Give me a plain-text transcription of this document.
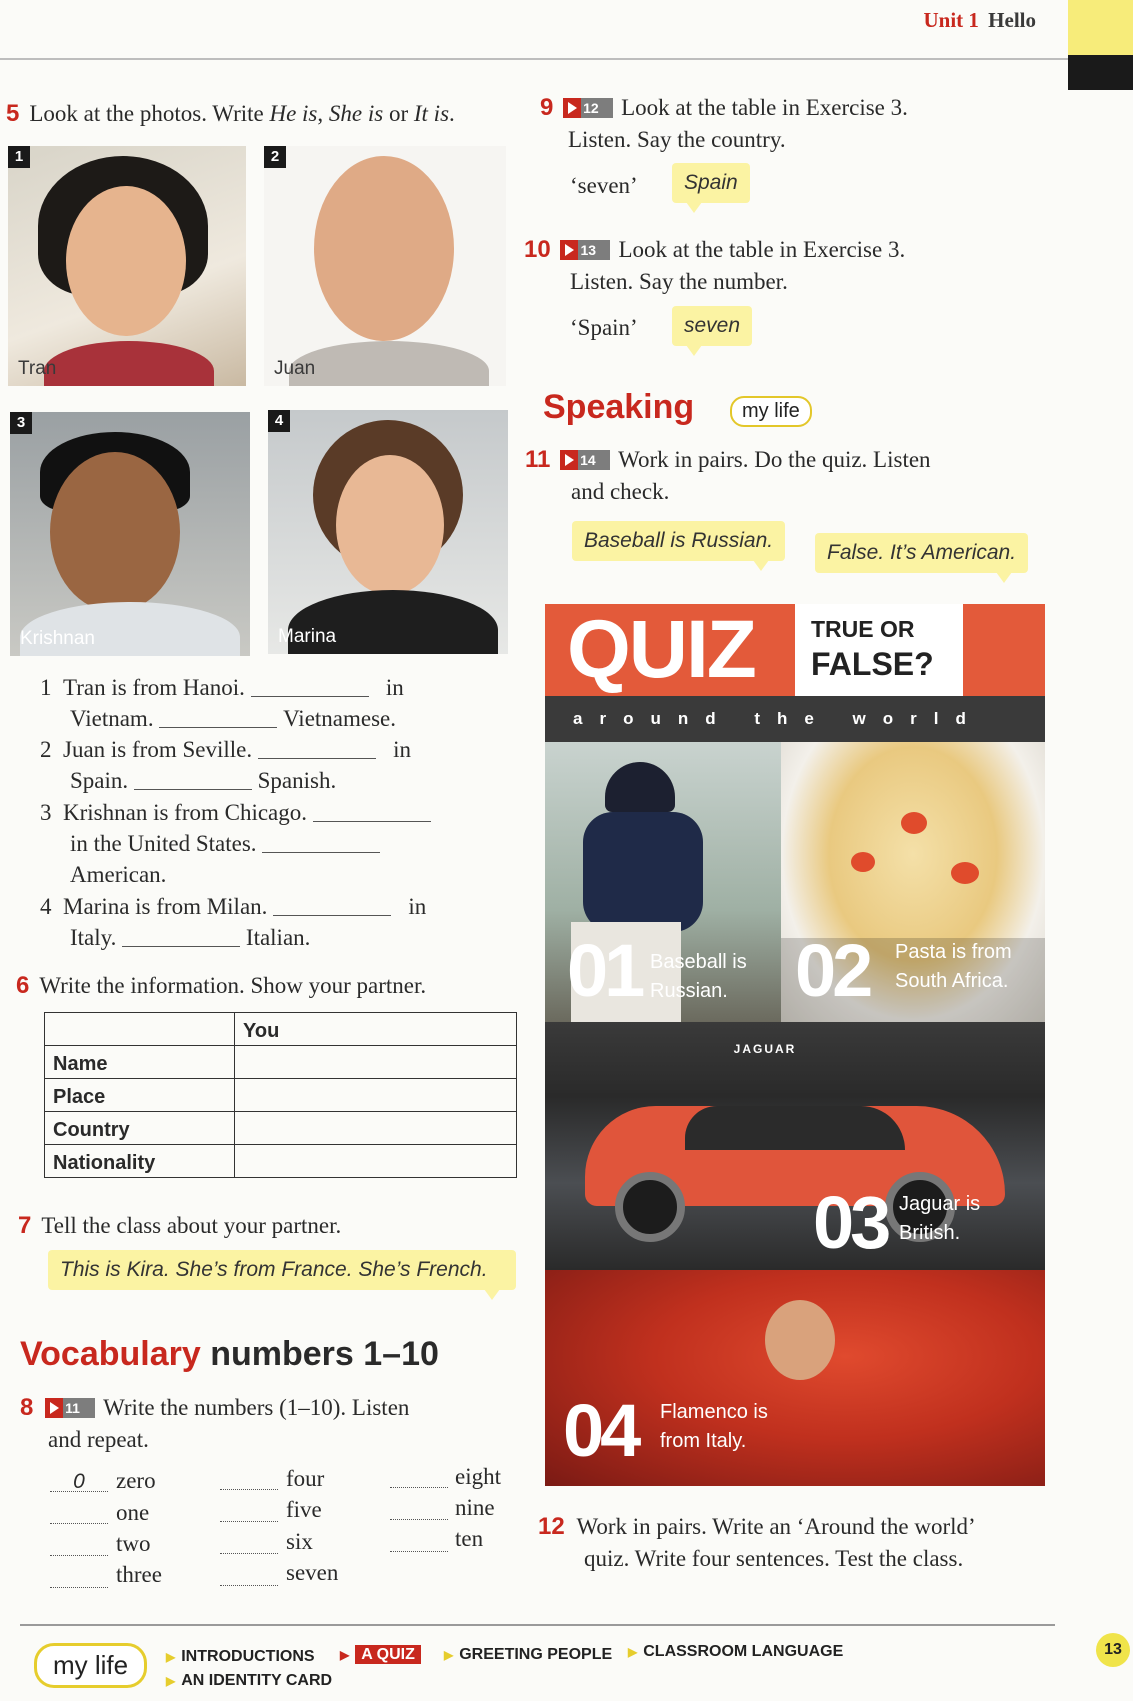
Unit 1 Hello
5 Look at the photos. Write He is, She is or It is.
1
Tran
2
Juan
3
Krishnan
4
Marina
1 Tran is from Hanoi.	in
Vietnam.	Vietnamese.
2 Juan is from Seville.	in
Spain.	Spanish.
3 Krishnan is from Chicago.
in the United States.
American.
4 Marina is from Milan.	in
Italy.	Italian.
6 Write the information. Show your partner.
	You
Name	
Place	
Country	
Nationality	
7 Tell the class about your partner.
This is Kira. She’s from France. She’s French.
Vocabulary numbers 1–10
8 11 Write the numbers (1–10). Listen
and repeat.
0	zero
one
two
three
four
five
six
seven
eight
nine
ten
9 12 Look at the table in Exercise 3.
Listen. Say the country.
‘seven’	Spain
10 13 Look at the table in Exercise 3.
Listen. Say the number.
‘Spain’	seven
Speaking	my life
11 14 Work in pairs. Do the quiz. Listen
and check.
Baseball is Russian.
False. It’s American.
QUIZ	TRUE OR
FALSE?
around the world
01 Baseball is
Russian. 02 Pasta is from
South Africa.
JAGUAR
03 Jaguar is
British.
04 Flamenco is
from Italy.
12 Work in pairs. Write an ‘Around the world’
quiz. Write four sentences. Test the class.
my life	▶ INTRODUCTIONS
▶ AN IDENTITY CARD
▶ A QUIZ	▶ GREETING PEOPLE ▶ CLASSROOM LANGUAGE	13
